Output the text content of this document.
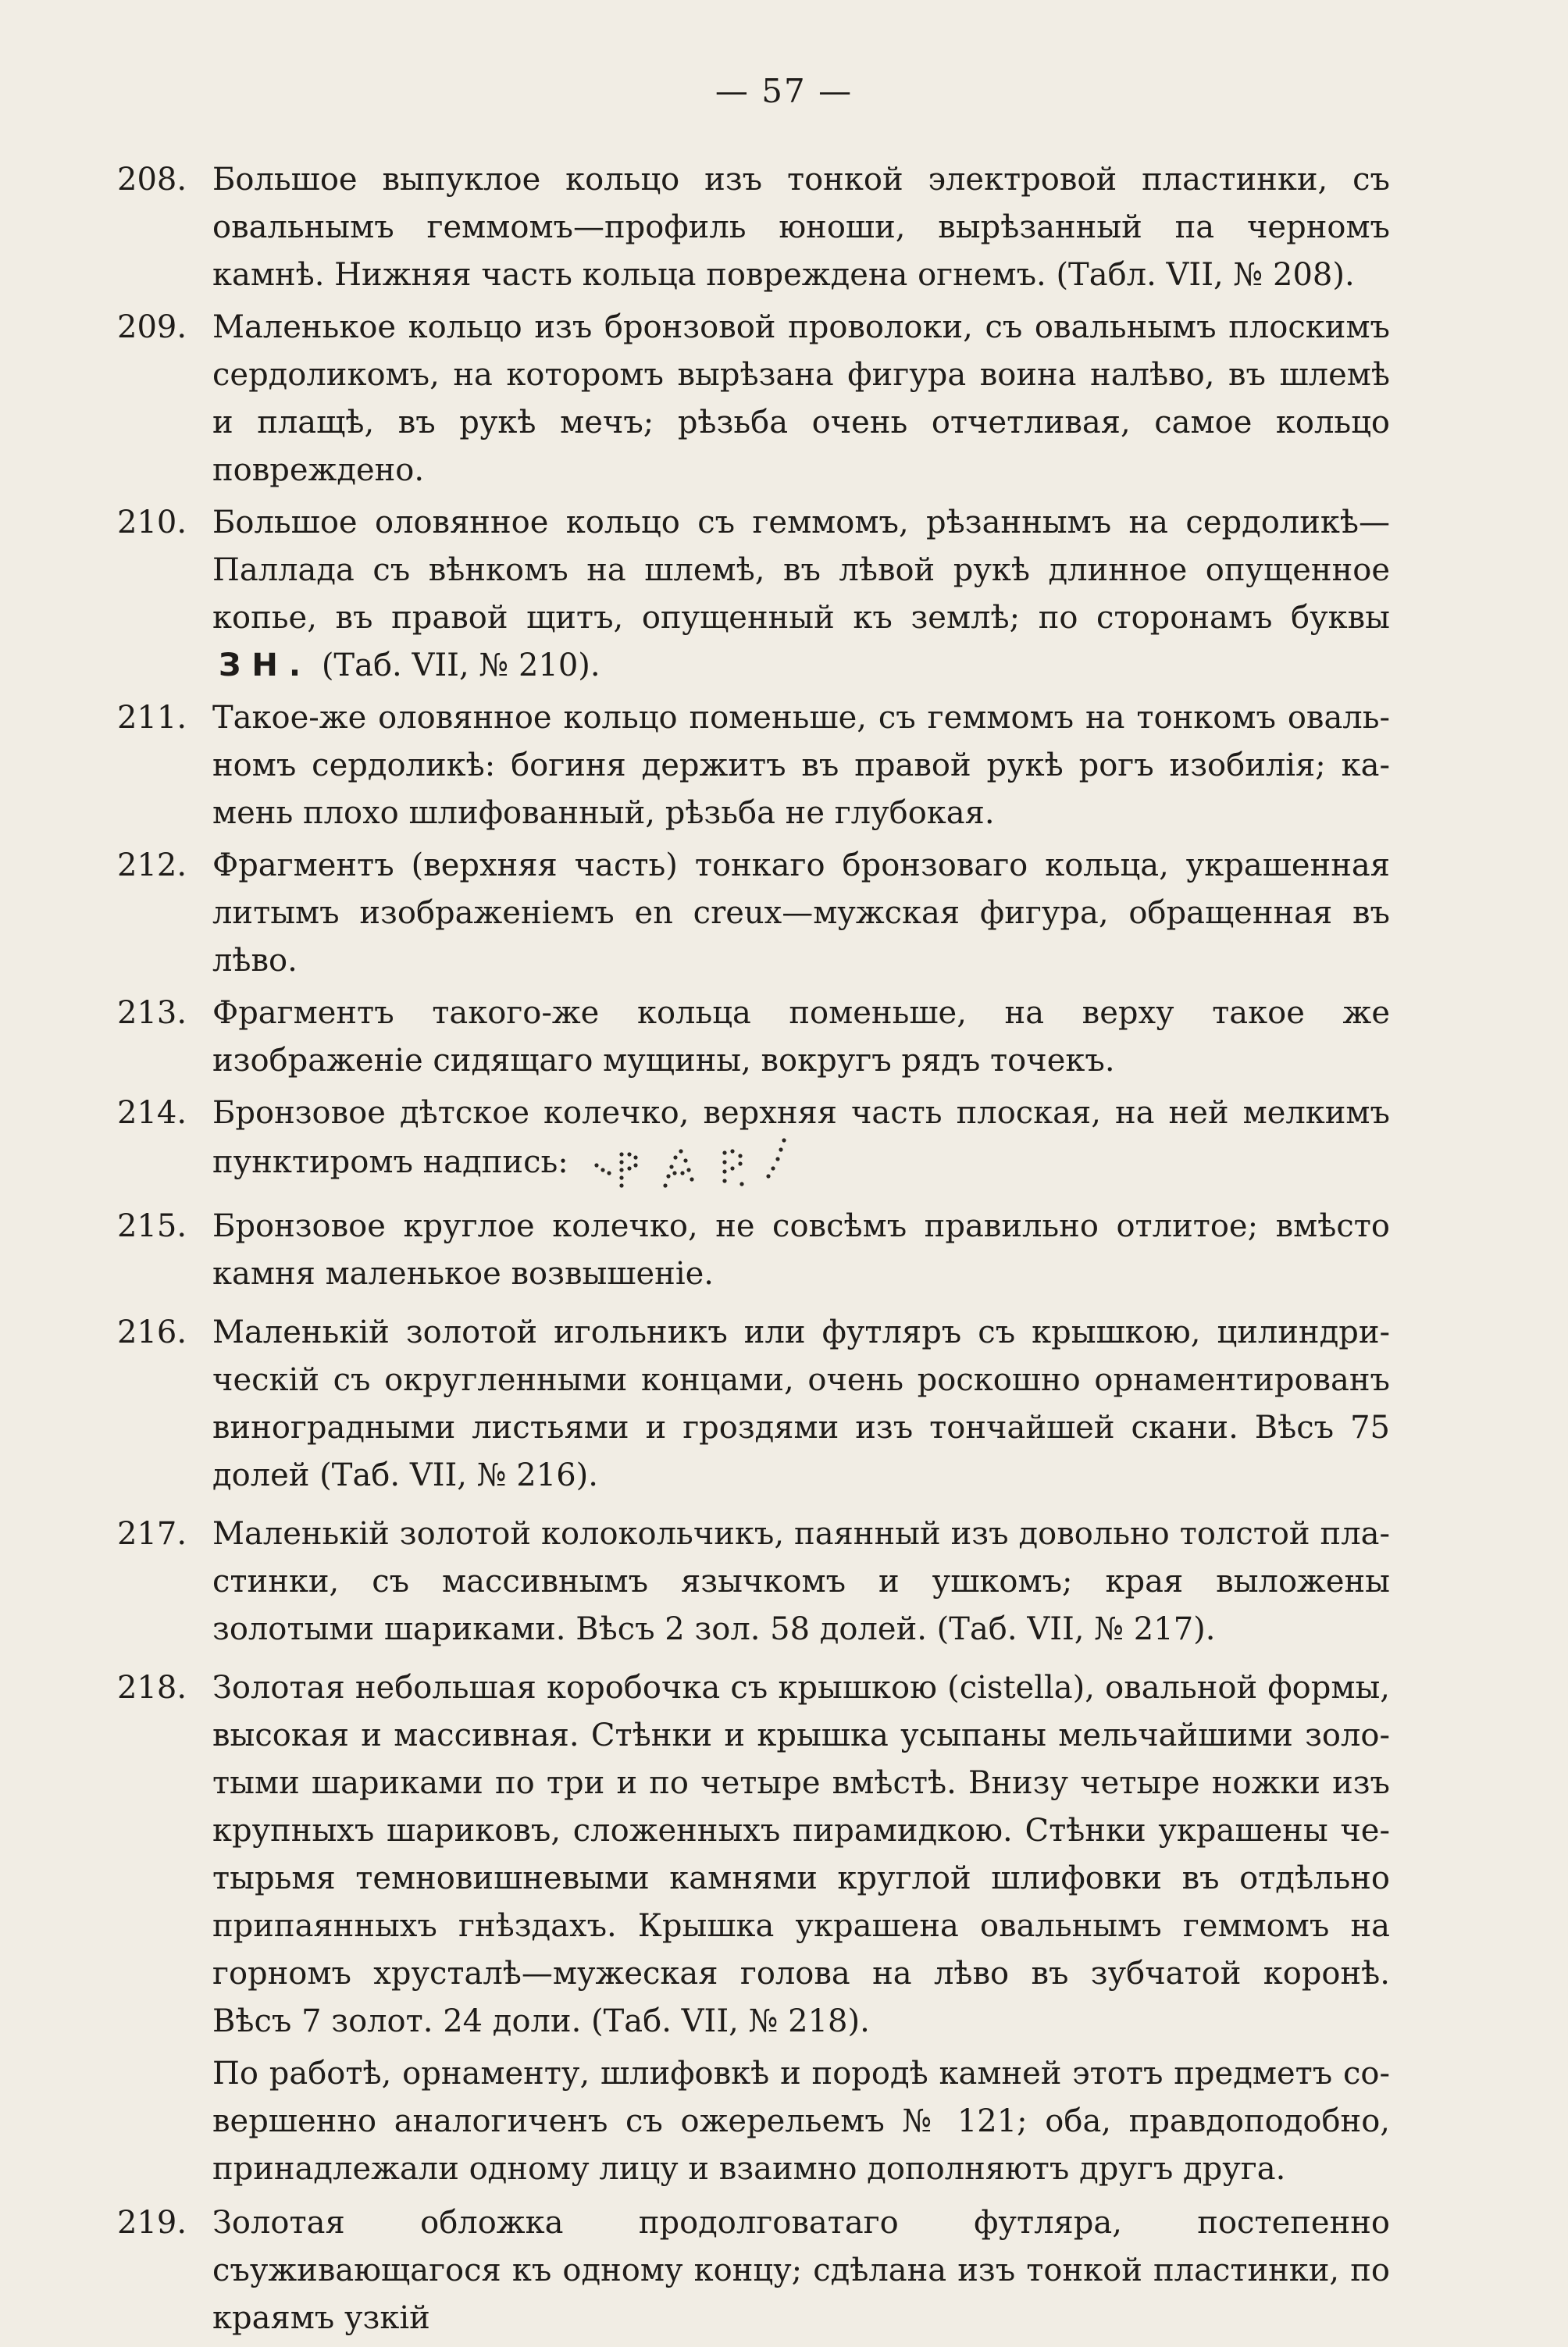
— 57 —
208. Большое выпуклое кольцо изъ тонкой электровой пластинки, съ овальнымъ геммомъ—профиль юноши, вырѣзанный па черномъ камнѣ. Нижняя часть кольца повреждена огнемъ. (Табл. VII, № 208).
209. Маленькое кольцо изъ бронзовой проволоки, съ овальнымъ плоскимъ сердоликомъ, на которомъ вырѣзана фигура воина налѣво, въ шлемѣ и плащѣ, въ рукѣ мечъ; рѣзьба очень отчетливая, самое кольцо повреждено.
210. Большое оловянное кольцо съ геммомъ, рѣзаннымъ на сердоликѣ—Паллада съ вѣнкомъ на шлемѣ, въ лѣвой рукѣ длинное опущенное копье, въ правой щитъ, опущенный къ землѣ; по сторонамъ буквы ЗН. (Таб. VII, № 210).
211. Такое-же оловянное кольцо поменьше, съ геммомъ на тонкомъ овальномъ сердоликѣ: богиня держитъ въ правой рукѣ рогъ изобилія; камень плохо шлифованный, рѣзьба не глубокая.
212. Фрагментъ (верхняя часть) тонкаго бронзоваго кольца, украшенная литымъ изображеніемъ en creux—мужская фигура, обращенная въ лѣво.
213. Фрагментъ такого-же кольца поменьше, на верху такое же изображеніе сидящаго мущины, вокругъ рядъ точекъ.
214. Бронзовое дѣтское колечко, верхняя часть плоская, на ней мелкимъ пунктиромъ надпись:
215. Бронзовое круглое колечко, не совсѣмъ правильно отлитое; вмѣсто камня маленькое возвышеніе.
216. Маленькій золотой игольникъ или футляръ съ крышкою, цилиндрическій съ округленными концами, очень роскошно орнаментированъ виноградными листьями и гроздями изъ тончайшей скани. Вѣсъ 75 долей (Таб. VII, № 216).
217. Маленькій золотой колокольчикъ, паянный изъ довольно толстой пластинки, съ массивнымъ язычкомъ и ушкомъ; края выложены золотыми шариками. Вѣсъ 2 зол. 58 долей. (Таб. VII, № 217).
218. Золотая небольшая коробочка съ крышкою (cistella), овальной формы, высокая и массивная. Стѣнки и крышка усыпаны мельчайшими золотыми шариками по три и по четыре вмѣстѣ. Внизу четыре ножки изъ крупныхъ шариковъ, сложенныхъ пирамидкою. Стѣнки украшены четырьмя темновишневыми камнями круглой шлифовки въ отдѣльно припаянныхъ гнѣздахъ. Крышка украшена овальнымъ геммомъ на горномъ хрусталѣ—мужеская голова на лѣво въ зубчатой коронѣ. Вѣсъ 7 золот. 24 доли. (Таб. VII, № 218).
По работѣ, орнаменту, шлифовкѣ и породѣ камней этотъ предметъ совершенно аналогиченъ съ ожерельемъ № 121; оба, правдоподобно, принадлежали одному лицу и взаимно дополняютъ другъ друга.
219. Золотая обложка продолговатаго футляра, постепенно съуживающагося къ одному концу; сдѣлана изъ тонкой пластинки, по краямъ узкій
